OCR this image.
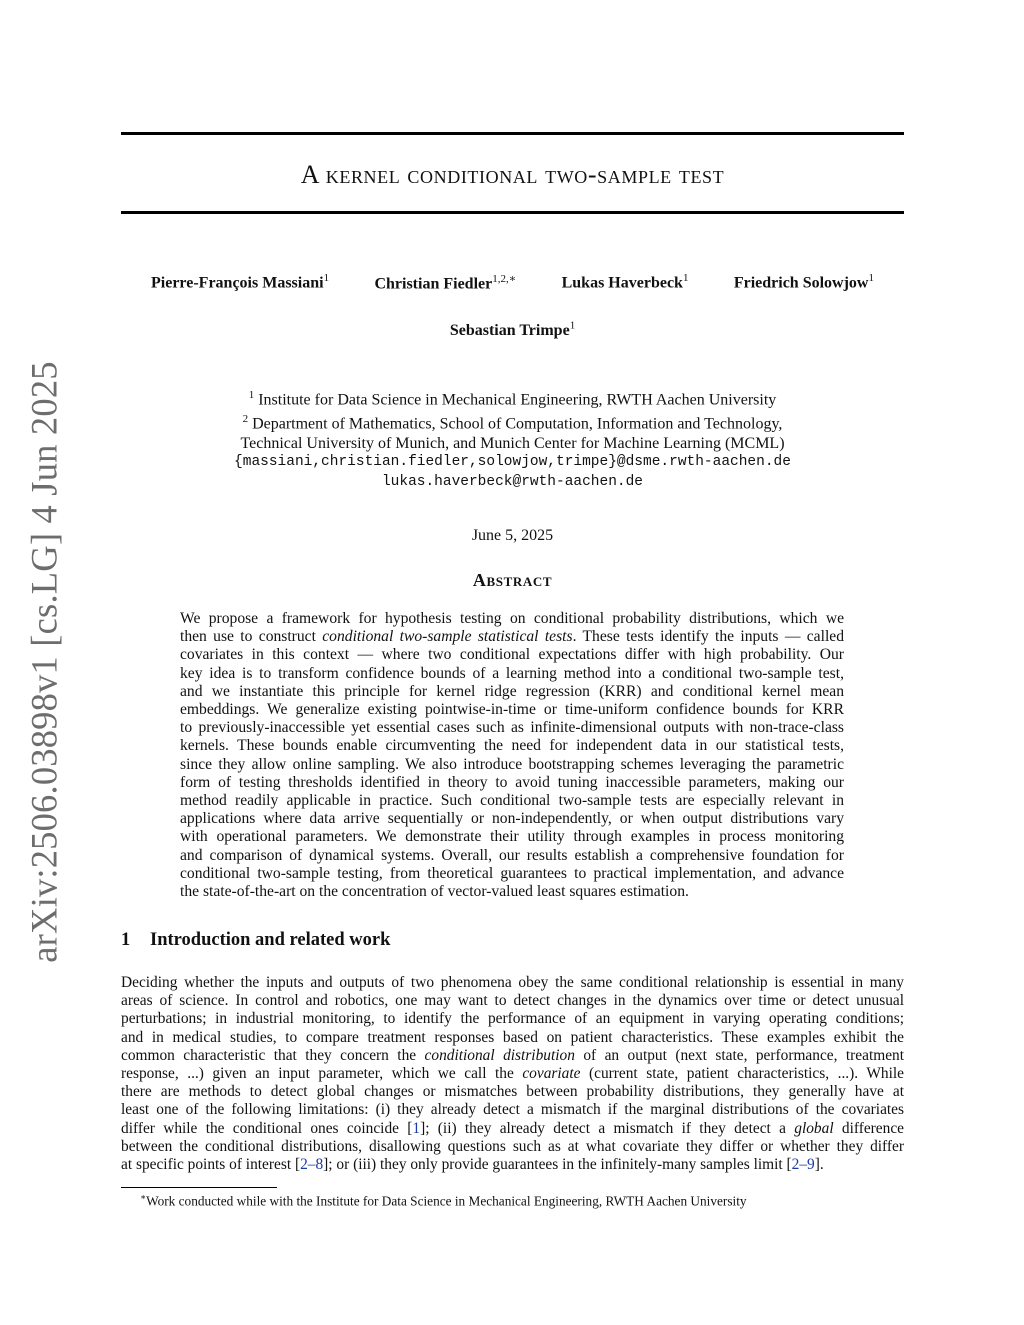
arXiv:2506.03898v1 [cs.LG] 4 Jun 2025
A kernel conditional two-sample test
Pierre-François Massiani$^1$	Christian Fiedler$^{1,2,∗}$	Lukas Haverbeck$^1$	Friedrich Solowjow$^1$
Sebastian Trimpe$^1$
$^1$ Institute for Data Science in Mechanical Engineering, RWTH Aachen University
$^2$ Department of Mathematics, School of Computation, Information and Technology,
Technical University of Munich, and Munich Center for Machine Learning (MCML)
{massiani,christian.fiedler,solowjow,trimpe}@dsme.rwth-aachen.de
lukas.haverbeck@rwth-aachen.de
June 5, 2025
Abstract
We propose a framework for hypothesis testing on conditional probability distributions, which we
then use to construct conditional two-sample statistical tests. These tests identify the inputs — called
covariates in this context — where two conditional expectations differ with high probability. Our
key idea is to transform confidence bounds of a learning method into a conditional two-sample test,
and we instantiate this principle for kernel ridge regression (KRR) and conditional kernel mean
embeddings. We generalize existing pointwise-in-time or time-uniform confidence bounds for KRR
to previously-inaccessible yet essential cases such as infinite-dimensional outputs with non-trace-class
kernels. These bounds enable circumventing the need for independent data in our statistical tests,
since they allow online sampling. We also introduce bootstrapping schemes leveraging the parametric
form of testing thresholds identified in theory to avoid tuning inaccessible parameters, making our
method readily applicable in practice. Such conditional two-sample tests are especially relevant in
applications where data arrive sequentially or non-independently, or when output distributions vary
with operational parameters. We demonstrate their utility through examples in process monitoring
and comparison of dynamical systems. Overall, our results establish a comprehensive foundation for
conditional two-sample testing, from theoretical guarantees to practical implementation, and advance
the state-of-the-art on the concentration of vector-valued least squares estimation.
1 Introduction and related work
Deciding whether the inputs and outputs of two phenomena obey the same conditional relationship is essential in many
areas of science. In control and robotics, one may want to detect changes in the dynamics over time or detect unusual
perturbations; in industrial monitoring, to identify the performance of an equipment in varying operating conditions;
and in medical studies, to compare treatment responses based on patient characteristics. These examples exhibit the
common characteristic that they concern the conditional distribution of an output (next state, performance, treatment
response, ...) given an input parameter, which we call the covariate (current state, patient characteristics, ...). While
there are methods to detect global changes or mismatches between probability distributions, they generally have at
least one of the following limitations: (i) they already detect a mismatch if the marginal distributions of the covariates
differ while the conditional ones coincide [1]; (ii) they already detect a mismatch if they detect a global difference
between the conditional distributions, disallowing questions such as at what covariate they differ or whether they differ
at specific points of interest [2–8]; or (iii) they only provide guarantees in the infinitely-many samples limit [2–9].
∗Work conducted while with the Institute for Data Science in Mechanical Engineering, RWTH Aachen University
